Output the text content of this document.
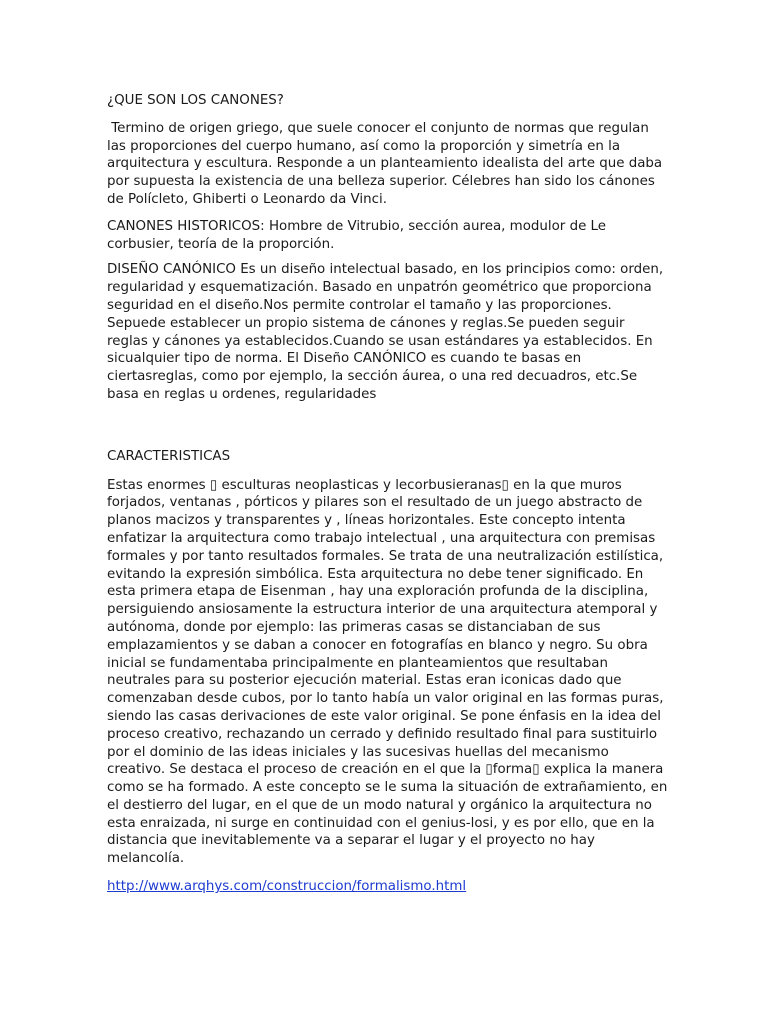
¿QUE SON LOS CANONES?

Termino de origen griego, que suele conocer el conjunto de normas que regulan las proporciones del cuerpo humano, así como la proporción y simetría en la arquitectura y escultura. Responde a un planteamiento idealista del arte que daba por supuesta la existencia de una belleza superior. Célebres han sido los cánones de Polícleto, Ghiberti o Leonardo da Vinci.

CANONES HISTORICOS: Hombre de Vitrubio, sección aurea, modulor de Le corbusier, teoría de la proporción.

DISEÑO CANÓNICO Es un diseño intelectual basado, en los principios como: orden, regularidad y esquematización. Basado en unpatrón geométrico que proporciona seguridad en el diseño.Nos permite controlar el tamaño y las proporciones. Sepuede establecer un propio sistema de cánones y reglas.Se pueden seguir reglas y cánones ya establecidos.Cuando se usan estándares ya establecidos. En sicualquier tipo de norma. El Diseño CANÓNICO es cuando te basas en ciertasreglas, como por ejemplo, la sección áurea, o una red decuadros, etc.Se basa en reglas u ordenes, regularidades

CARACTERISTICAS

Estas enormes ▯ esculturas neoplasticas y lecorbusieranas▯ en la que muros forjados, ventanas , pórticos y pilares son el resultado de un juego abstracto de planos macizos y transparentes y , líneas horizontales. Este concepto intenta enfatizar la arquitectura como trabajo intelectual , una arquitectura con premisas formales y por tanto resultados formales. Se trata de una neutralización estilística, evitando la expresión simbólica. Esta arquitectura no debe tener significado. En esta primera etapa de Eisenman , hay una exploración profunda de la disciplina, persiguiendo ansiosamente la estructura interior de una arquitectura atemporal y autónoma, donde por ejemplo: las primeras casas se distanciaban de sus emplazamientos y se daban a conocer en fotografías en blanco y negro. Su obra inicial se fundamentaba principalmente en planteamientos que resultaban neutrales para su posterior ejecución material. Estas eran iconicas dado que comenzaban desde cubos, por lo tanto había un valor original en las formas puras, siendo las casas derivaciones de este valor original. Se pone énfasis en la idea del proceso creativo, rechazando un cerrado y definido resultado final para sustituirlo por el dominio de las ideas iniciales y las sucesivas huellas del mecanismo creativo. Se destaca el proceso de creación en el que la ▯forma▯ explica la manera como se ha formado. A este concepto se le suma la situación de extrañamiento, en el destierro del lugar, en el que de un modo natural y orgánico la arquitectura no esta enraizada, ni surge en continuidad con el genius-losi, y es por ello, que en la distancia que inevitablemente va a separar el lugar y el proyecto no hay melancolía.

http://www.arqhys.com/construccion/formalismo.html
